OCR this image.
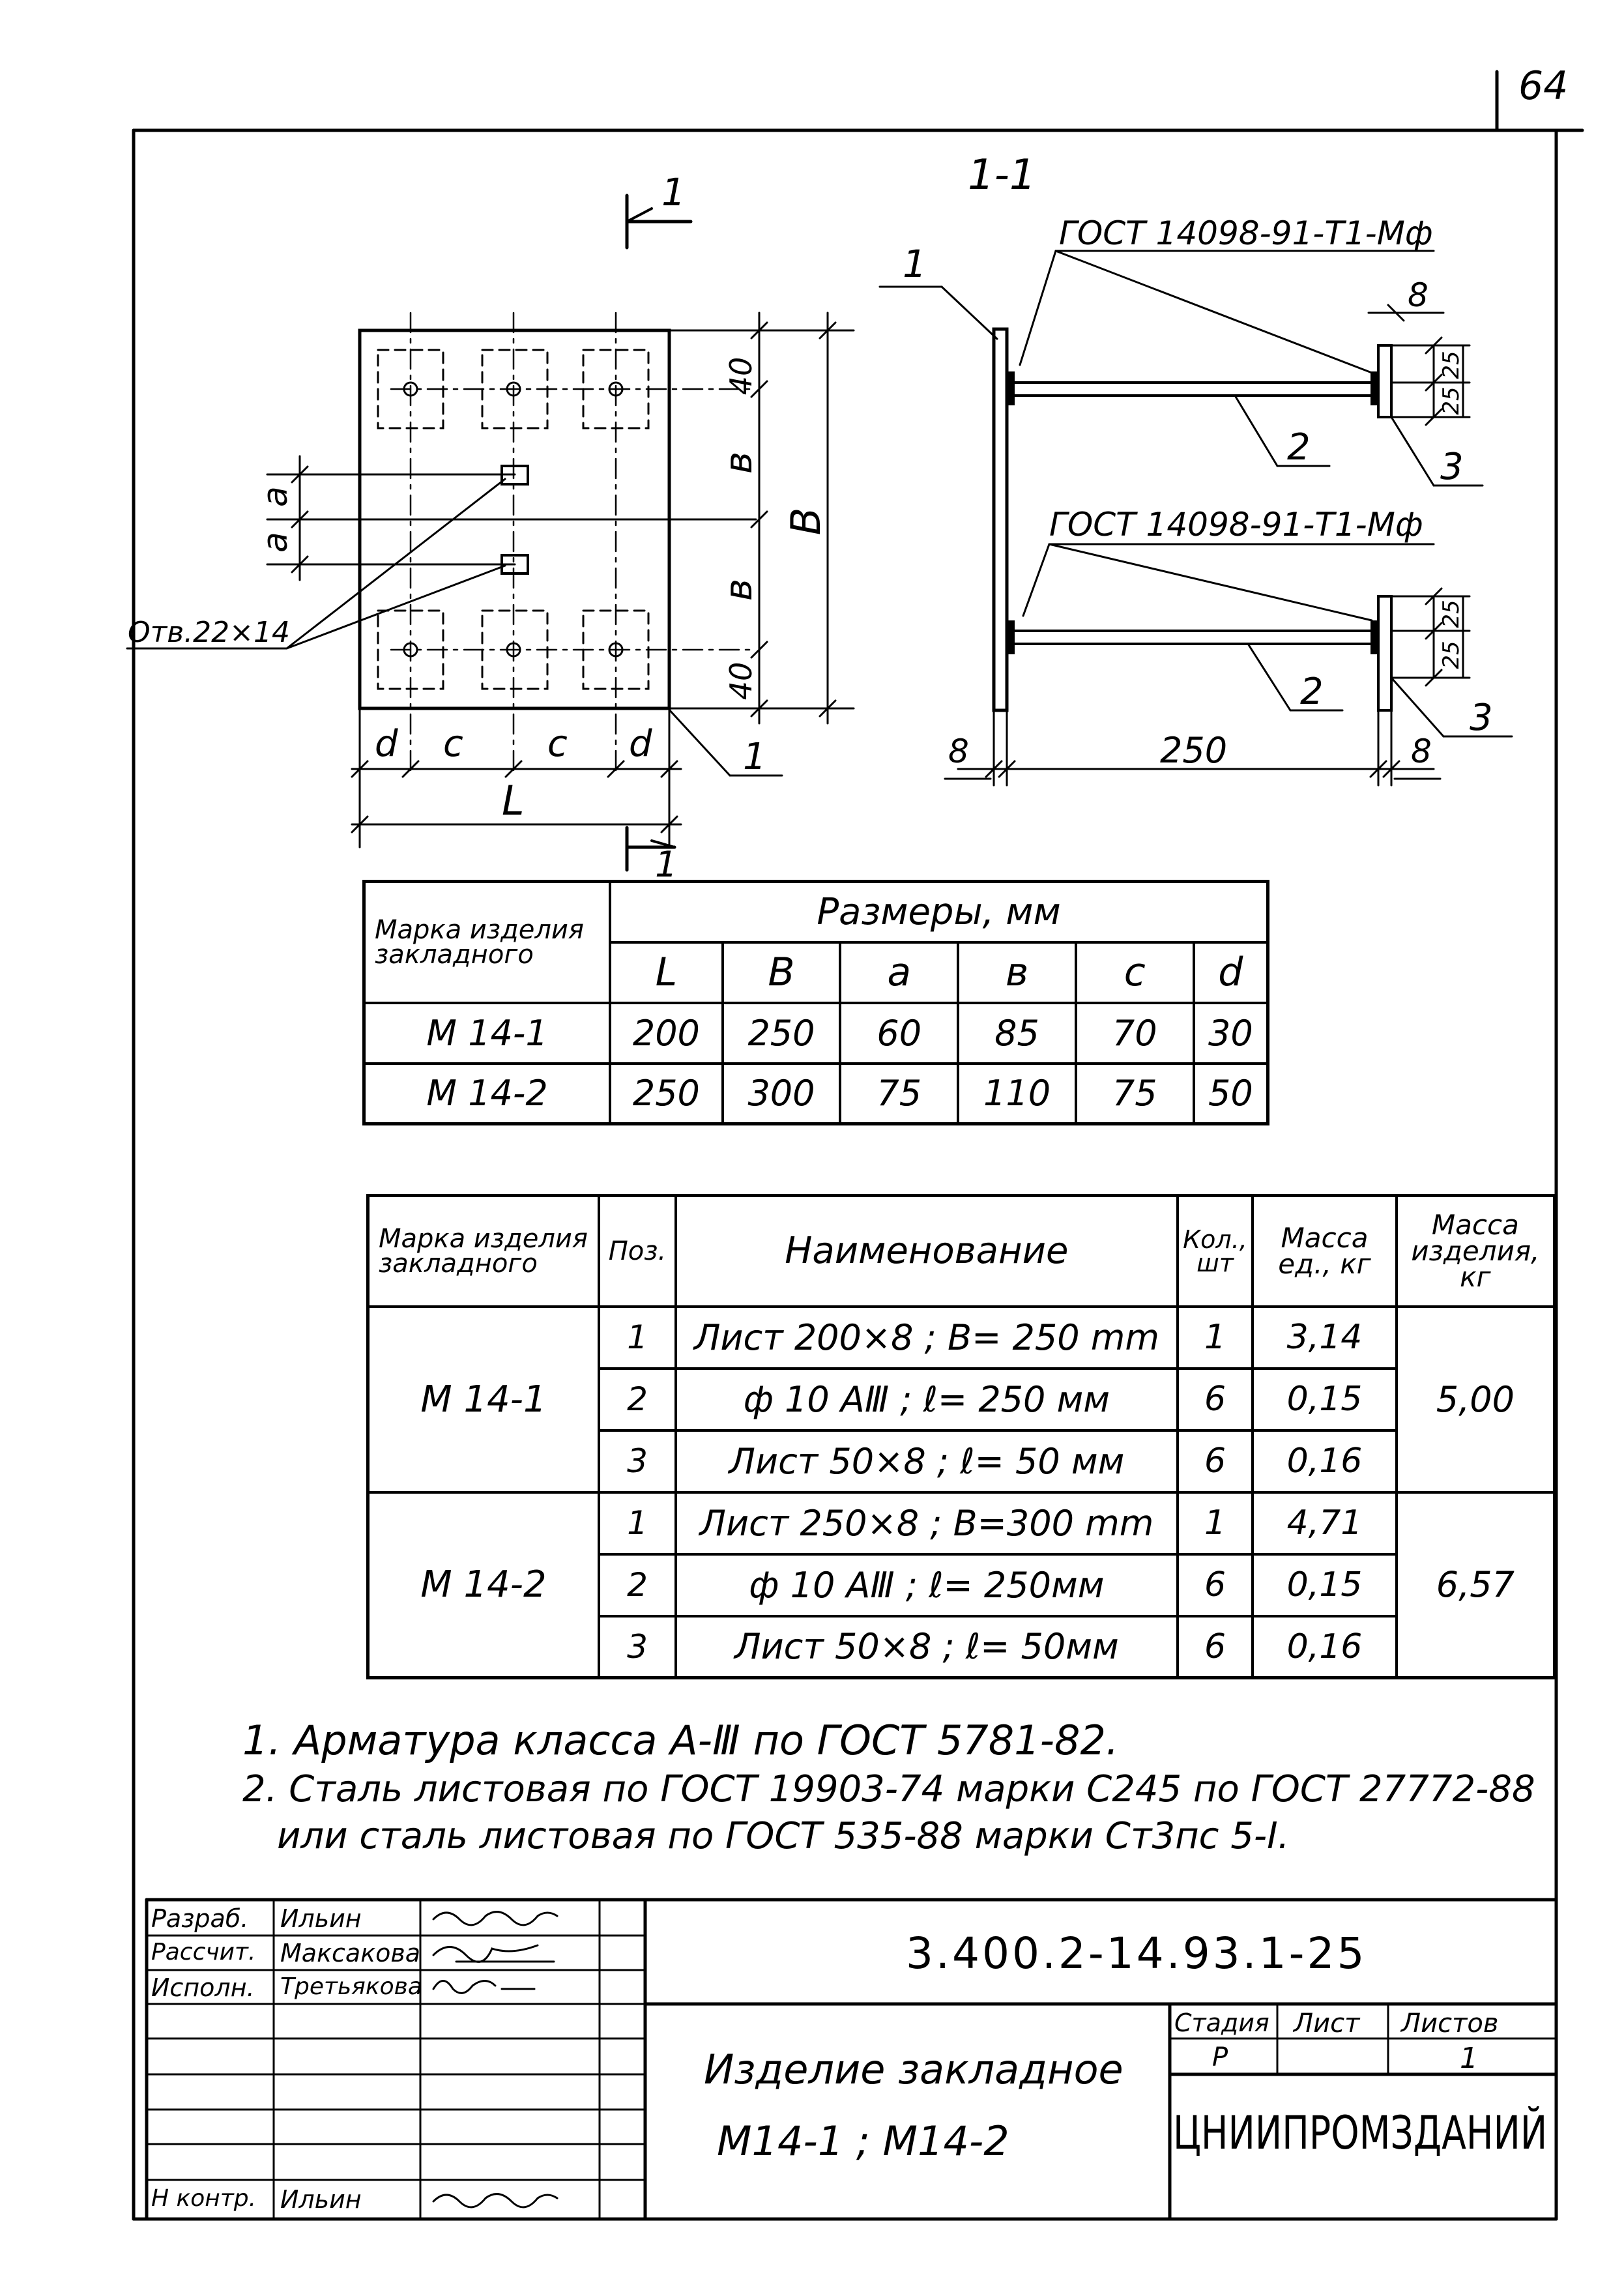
64
1
1
1-1
ГОСТ 14098-91-Т1-Мф
ГОСТ 14098-91-Т1-Мф
Отв.22×14
40
в
в
40
В
а
а
d с с d
L
1
1
2	3
2
3
8
25
25
25
25
8	250	8
Марка изделия закладного	Размеры, мм					
	L	В	а	в	с	d
М 14-1	200	250	60	85	70	30
М 14-2	250	300	75	110	75	50
Марка изделия закладного	Поз.	Наименование	Кол., шт	Масса ед., кг	Масса изделия, кг
М 14-1	1	Лист 200×8 ; В= 250 mm	1	3,14	5,00
	2	ф 10 АⅢ ; ℓ= 250 мм	6	0,15	
	3	Лист 50×8 ; ℓ= 50 мм	6	0,16	
М 14-2	1	Лист 250×8 ; В=300 mm	1	4,71	6,57
	2	ф 10 АⅢ ; ℓ= 250мм	6	0,15	
	3	Лист 50×8 ; ℓ= 50мм	6	0,16	
1. Арматура класса А-Ⅲ по ГОСТ 5781-82.
2. Сталь листовая по ГОСТ 19903-74 марки С245 по ГОСТ 27772-88
или сталь листовая по ГОСТ 535-88 марки Ст3пс 5-Ⅰ.
Разраб. Ильин
Рассчит. Максакова
Исполн. Третьякова
Н контр. Ильин
3.400.2-14.93.1-25
Изделие закладное
М14-1 ; М14-2
Стадия Лист Листов
Р	1
ЦНИИПРОМЗДАНИЙ
